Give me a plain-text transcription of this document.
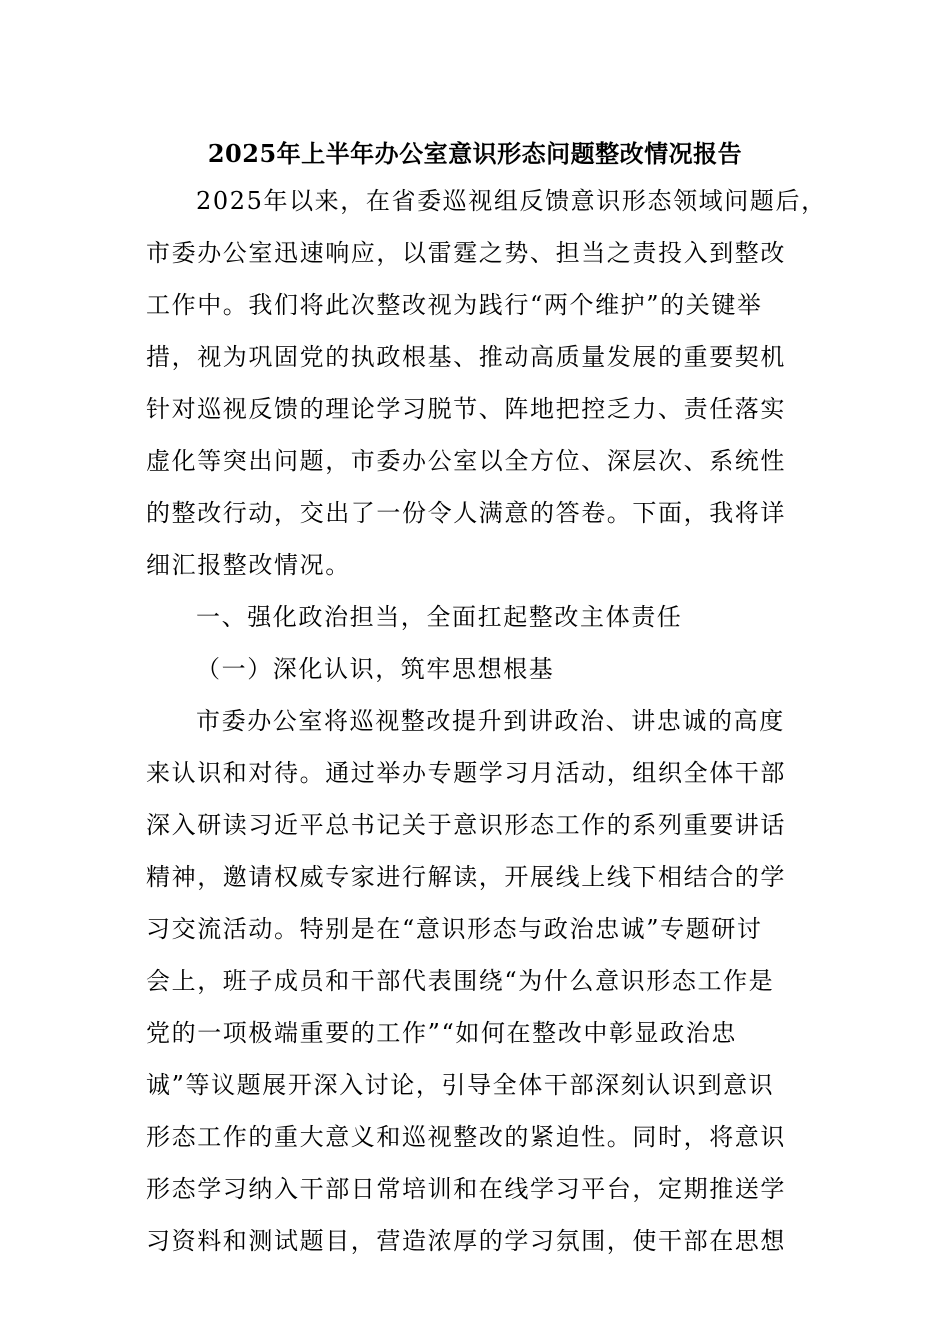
2025年上半年办公室意识形态问题整改情况报告
2025年以来，在省委巡视组反馈意识形态领域问题后，
市委办公室迅速响应，以雷霆之势、担当之责投入到整改
工作中。我们将此次整改视为践行“两个维护”的关键举
措，视为巩固党的执政根基、推动高质量发展的重要契机
针对巡视反馈的理论学习脱节、阵地把控乏力、责任落实
虚化等突出问题，市委办公室以全方位、深层次、系统性
的整改行动，交出了一份令人满意的答卷。下面，我将详
细汇报整改情况。
一、强化政治担当，全面扛起整改主体责任
（一）深化认识，筑牢思想根基
市委办公室将巡视整改提升到讲政治、讲忠诚的高度
来认识和对待。通过举办专题学习月活动，组织全体干部
深入研读习近平总书记关于意识形态工作的系列重要讲话
精神，邀请权威专家进行解读，开展线上线下相结合的学
习交流活动。特别是在“意识形态与政治忠诚”专题研讨
会上，班子成员和干部代表围绕“为什么意识形态工作是
党的一项极端重要的工作”“如何在整改中彰显政治忠
诚”等议题展开深入讨论，引导全体干部深刻认识到意识
形态工作的重大意义和巡视整改的紧迫性。同时，将意识
形态学习纳入干部日常培训和在线学习平台，定期推送学
习资料和测试题目，营造浓厚的学习氛围，使干部在思想
